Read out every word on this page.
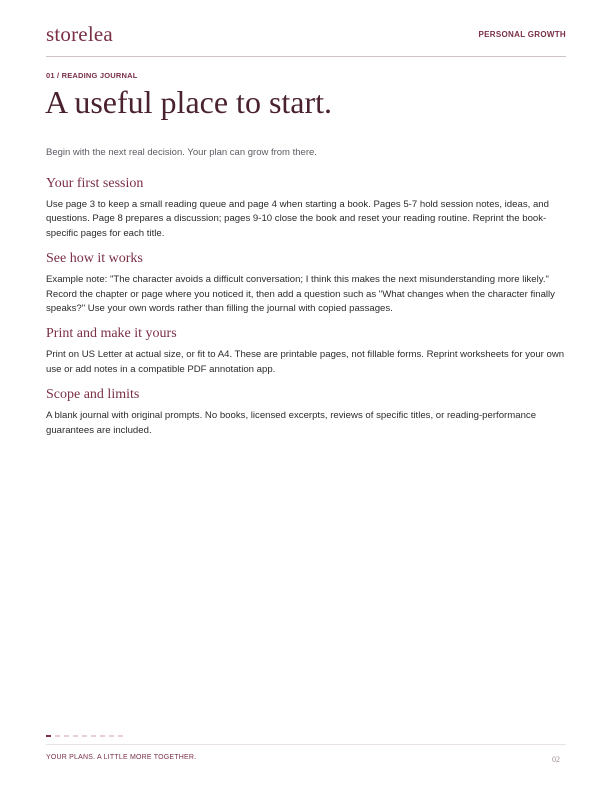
storelea	PERSONAL GROWTH
01 / READING JOURNAL
A useful place to start.
Begin with the next real decision. Your plan can grow from there.
Your first session

Use page 3 to keep a small reading queue and page 4 when starting a book. Pages 5-7 hold session notes, ideas, and questions. Page 8 prepares a discussion; pages 9-10 close the book and reset your reading routine. Reprint the book-specific pages for each title.

See how it works

Example note: "The character avoids a difficult conversation; I think this makes the next misunderstanding more likely." Record the chapter or page where you noticed it, then add a question such as "What changes when the character finally speaks?" Use your own words rather than filling the journal with copied passages.

Print and make it yours

Print on US Letter at actual size, or fit to A4. These are printable pages, not fillable forms. Reprint worksheets for your own use or add notes in a compatible PDF annotation app.

Scope and limits

A blank journal with original prompts. No books, licensed excerpts, reviews of specific titles, or reading-performance guarantees are included.

YOUR PLANS. A LITTLE MORE TOGETHER.	02
